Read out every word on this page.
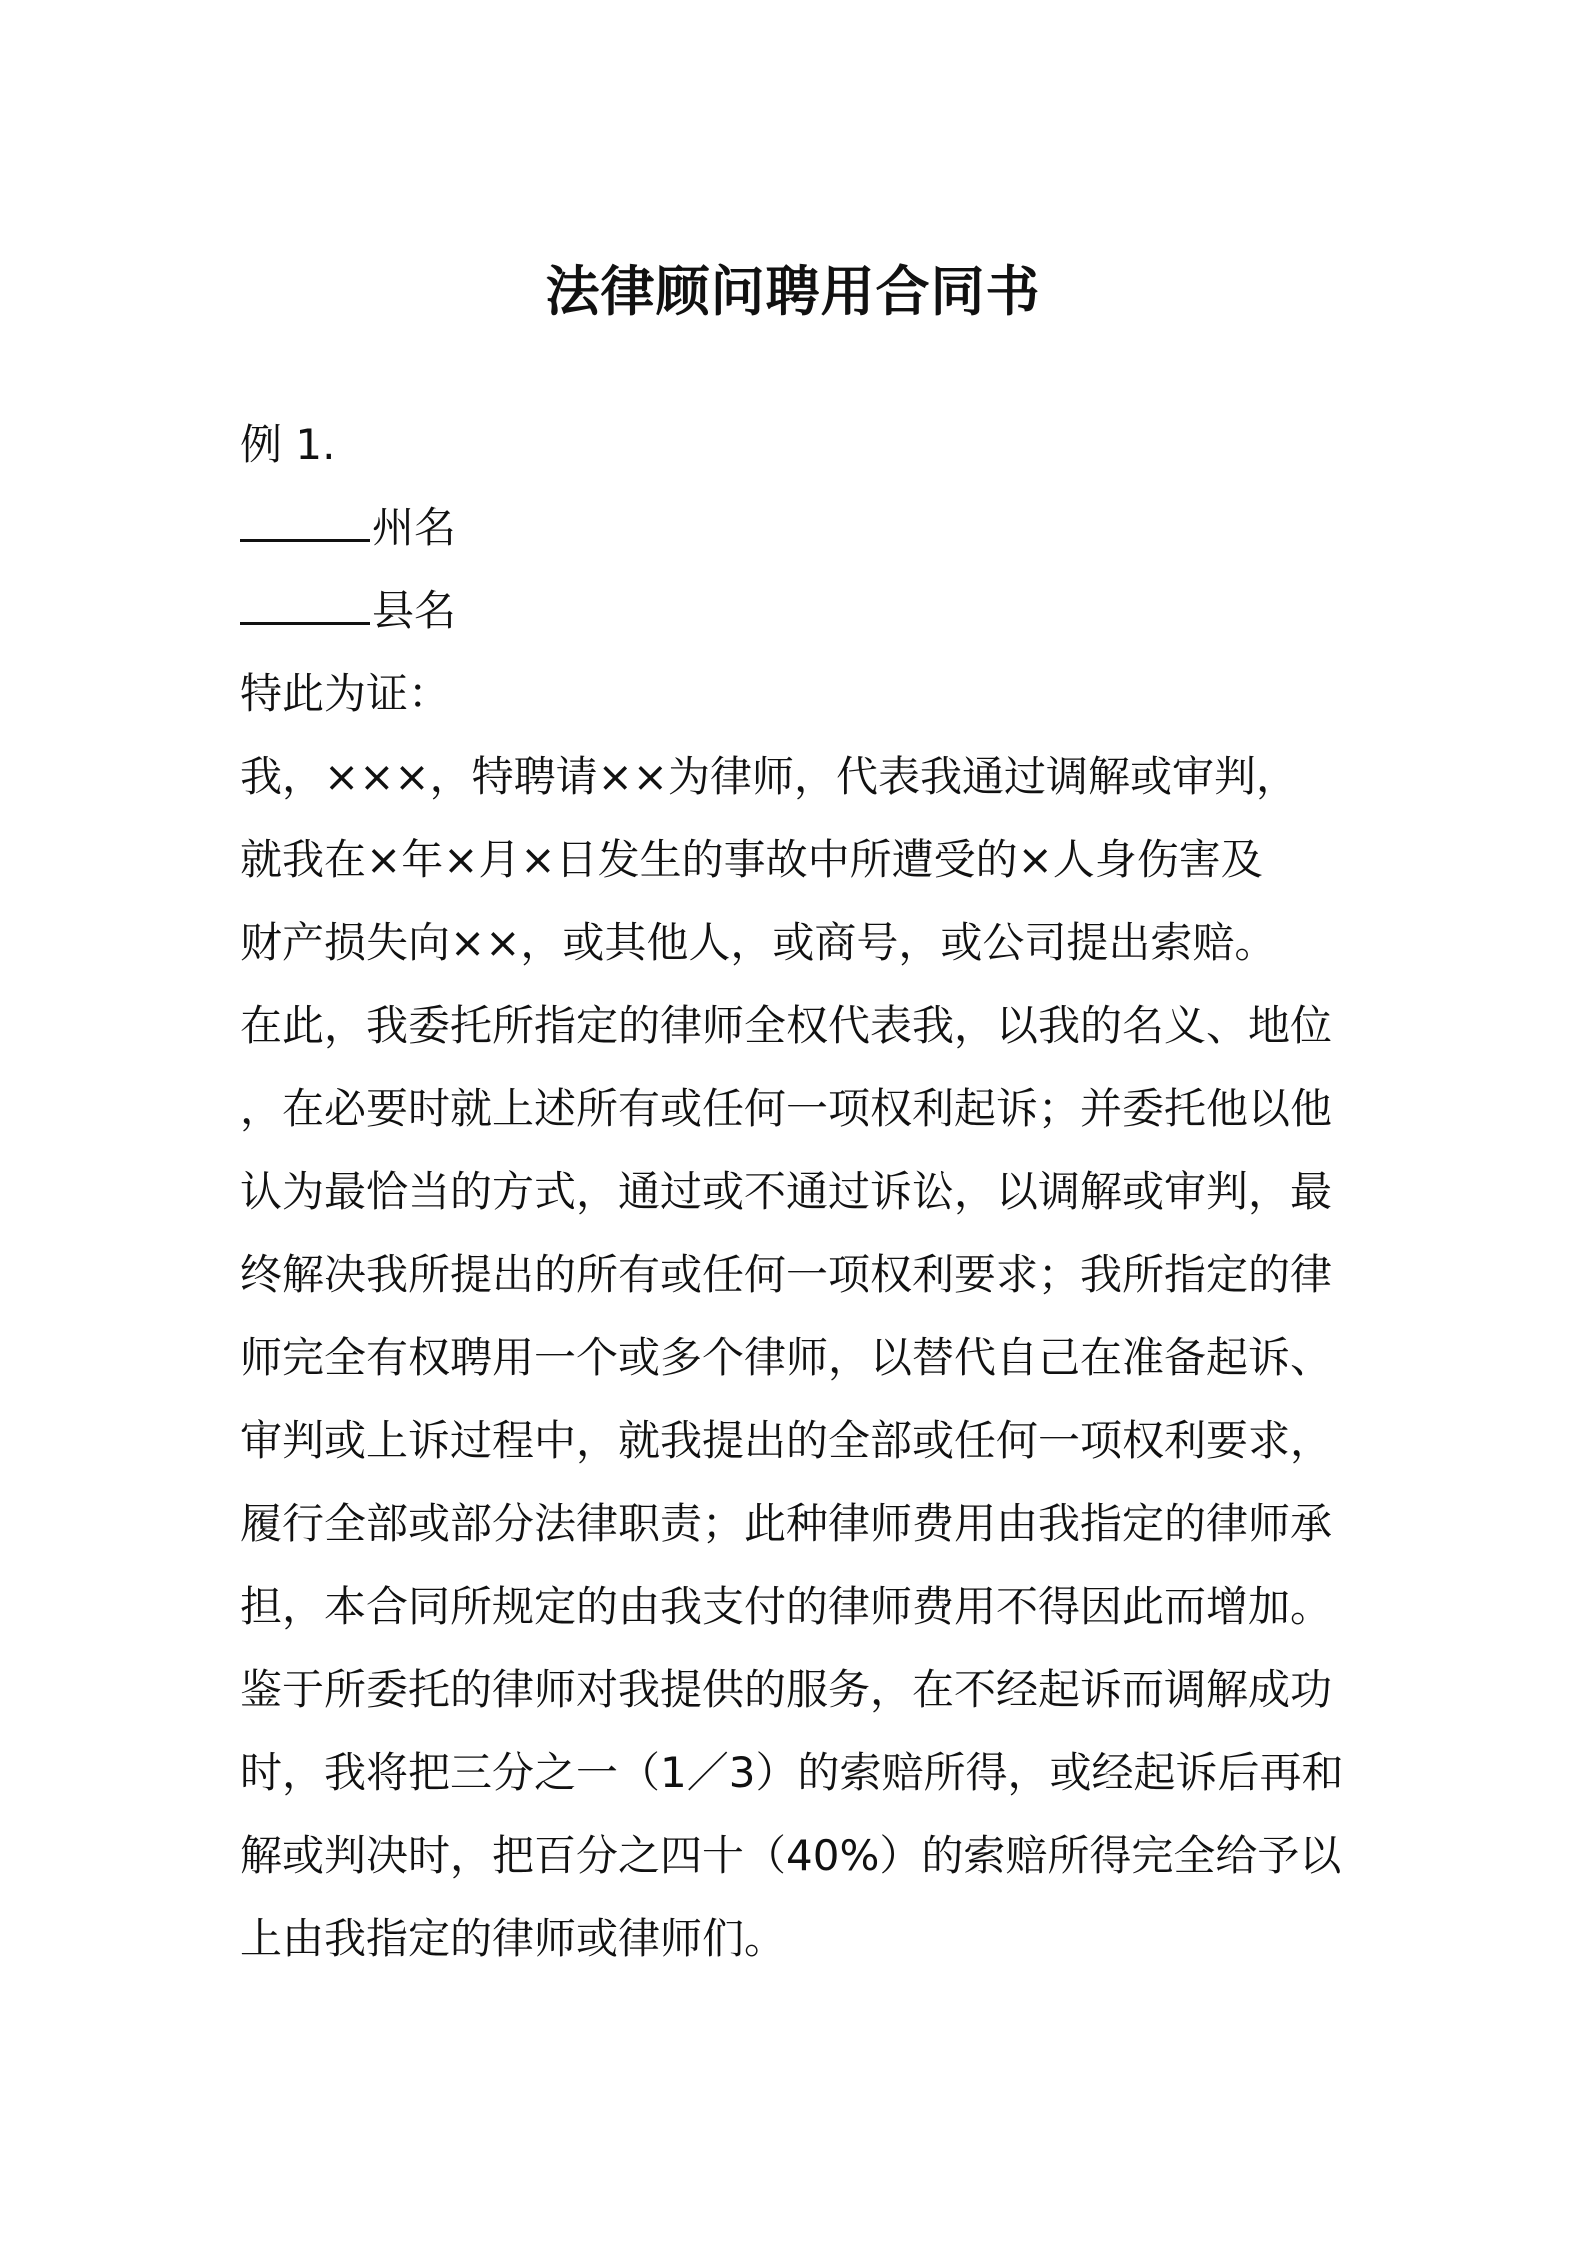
法律顾问聘用合同书

例 1.

州名

县名

特此为证：

我，×××，特聘请××为律师，代表我通过调解或审判，

就我在×年×月×日发生的事故中所遭受的×人身伤害及

财产损失向××，或其他人，或商号，或公司提出索赔。

在此，我委托所指定的律师全权代表我，以我的名义、地位

，在必要时就上述所有或任何一项权利起诉；并委托他以他

认为最恰当的方式，通过或不通过诉讼，以调解或审判，最

终解决我所提出的所有或任何一项权利要求；我所指定的律

师完全有权聘用一个或多个律师，以替代自己在准备起诉、

审判或上诉过程中，就我提出的全部或任何一项权利要求，

履行全部或部分法律职责；此种律师费用由我指定的律师承

担，本合同所规定的由我支付的律师费用不得因此而增加。

鉴于所委托的律师对我提供的服务，在不经起诉而调解成功

时，我将把三分之一（1／3）的索赔所得，或经起诉后再和

解或判决时，把百分之四十（40%）的索赔所得完全给予以

上由我指定的律师或律师们。
